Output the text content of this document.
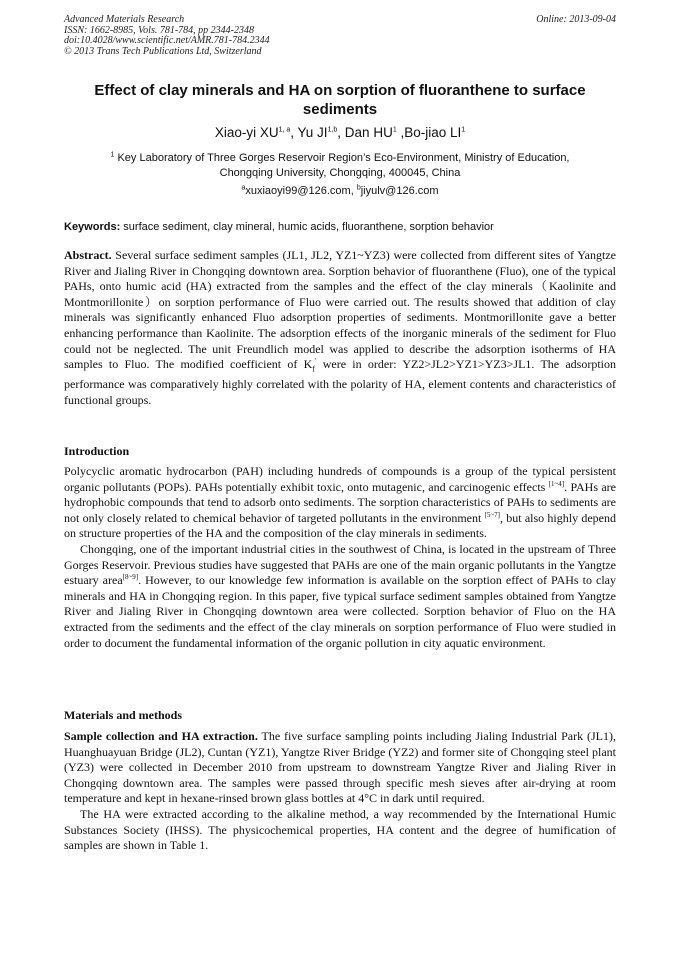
Advanced Materials Research
ISSN: 1662-8985, Vols. 781-784, pp 2344-2348
doi:10.4028/www.scientific.net/AMR.781-784.2344
© 2013 Trans Tech Publications Ltd, Switzerland
Online: 2013-09-04
Effect of clay minerals and HA on sorption of fluoranthene to surface
sediments
Xiao-yi XU$^{1, a}$, Yu JI$^{1,b}$, Dan $HU^1$ ,Bo-jiao $LI^1$
$^1$ Key Laboratory of Three Gorges Reservoir Region’s Eco-Environment, Ministry of Education,
Chongqing University, Chongqing, 400045, China
$^a$xuxiaoyi99@126.com, $^b$jiyulv@126.com
Keywords: surface sediment, clay mineral, humic acids, fluoranthene, sorption behavior

Abstract. Several surface sediment samples (JL1, JL2, YZ1~YZ3) were collected from different sites of Yangtze River and Jialing River in Chongqing downtown area. Sorption behavior of fluoranthene (Fluo), one of the typical PAHs, onto humic acid (HA) extracted from the samples and the effect of the clay minerals（Kaolinite and Montmorillonite）on sorption performance of Fluo were carried out. The results showed that addition of clay minerals was significantly enhanced Fluo adsorption properties of sediments. Montmorillonite gave a better enhancing performance than Kaolinite. The adsorption effects of the inorganic minerals of the sediment for Fluo could not be neglected. The unit Freundlich model was applied to describe the adsorption isotherms of HA samples to Fluo. The modified coefficient of $K_f'$ were in order: YZ2>JL2>YZ1>YZ3>JL1. The adsorption performance was comparatively highly correlated with the polarity of HA, element contents and characteristics of functional groups.

Introduction

Polycyclic aromatic hydrocarbon (PAH) including hundreds of compounds is a group of the typical persistent organic pollutants (POPs). PAHs potentially exhibit toxic, onto mutagenic, and carcinogenic effects [1~4]. PAHs are hydrophobic compounds that tend to adsorb onto sediments. The sorption characteristics of PAHs to sediments are not only closely related to chemical behavior of targeted pollutants in the environment [5~7], but also highly depend on structure properties of the HA and the composition of the clay minerals in sediments.

Chongqing, one of the important industrial cities in the southwest of China, is located in the upstream of Three Gorges Reservoir. Previous studies have suggested that PAHs are one of the main organic pollutants in the Yangtze estuary area[8~9]. However, to our knowledge few information is available on the sorption effect of PAHs to clay minerals and HA in Chongqing region. In this paper, five typical surface sediment samples obtained from Yangtze River and Jialing River in Chongqing downtown area were collected. Sorption behavior of Fluo on the HA extracted from the sediments and the effect of the clay minerals on sorption performance of Fluo were studied in order to document the fundamental information of the organic pollution in city aquatic environment.

Materials and methods

Sample collection and HA extraction. The five surface sampling points including Jialing Industrial Park (JL1), Huanghuayuan Bridge (JL2), Cuntan (YZ1), Yangtze River Bridge (YZ2) and former site of Chongqing steel plant (YZ3) were collected in December 2010 from upstream to downstream Yangtze River and Jialing River in Chongqing downtown area. The samples were passed through specific mesh sieves after air-drying at room temperature and kept in hexane-rinsed brown glass bottles at 4°C in dark until required.

The HA were extracted according to the alkaline method, a way recommended by the International Humic Substances Society (IHSS). The physicochemical properties, HA content and the degree of humification of samples are shown in Table 1.
